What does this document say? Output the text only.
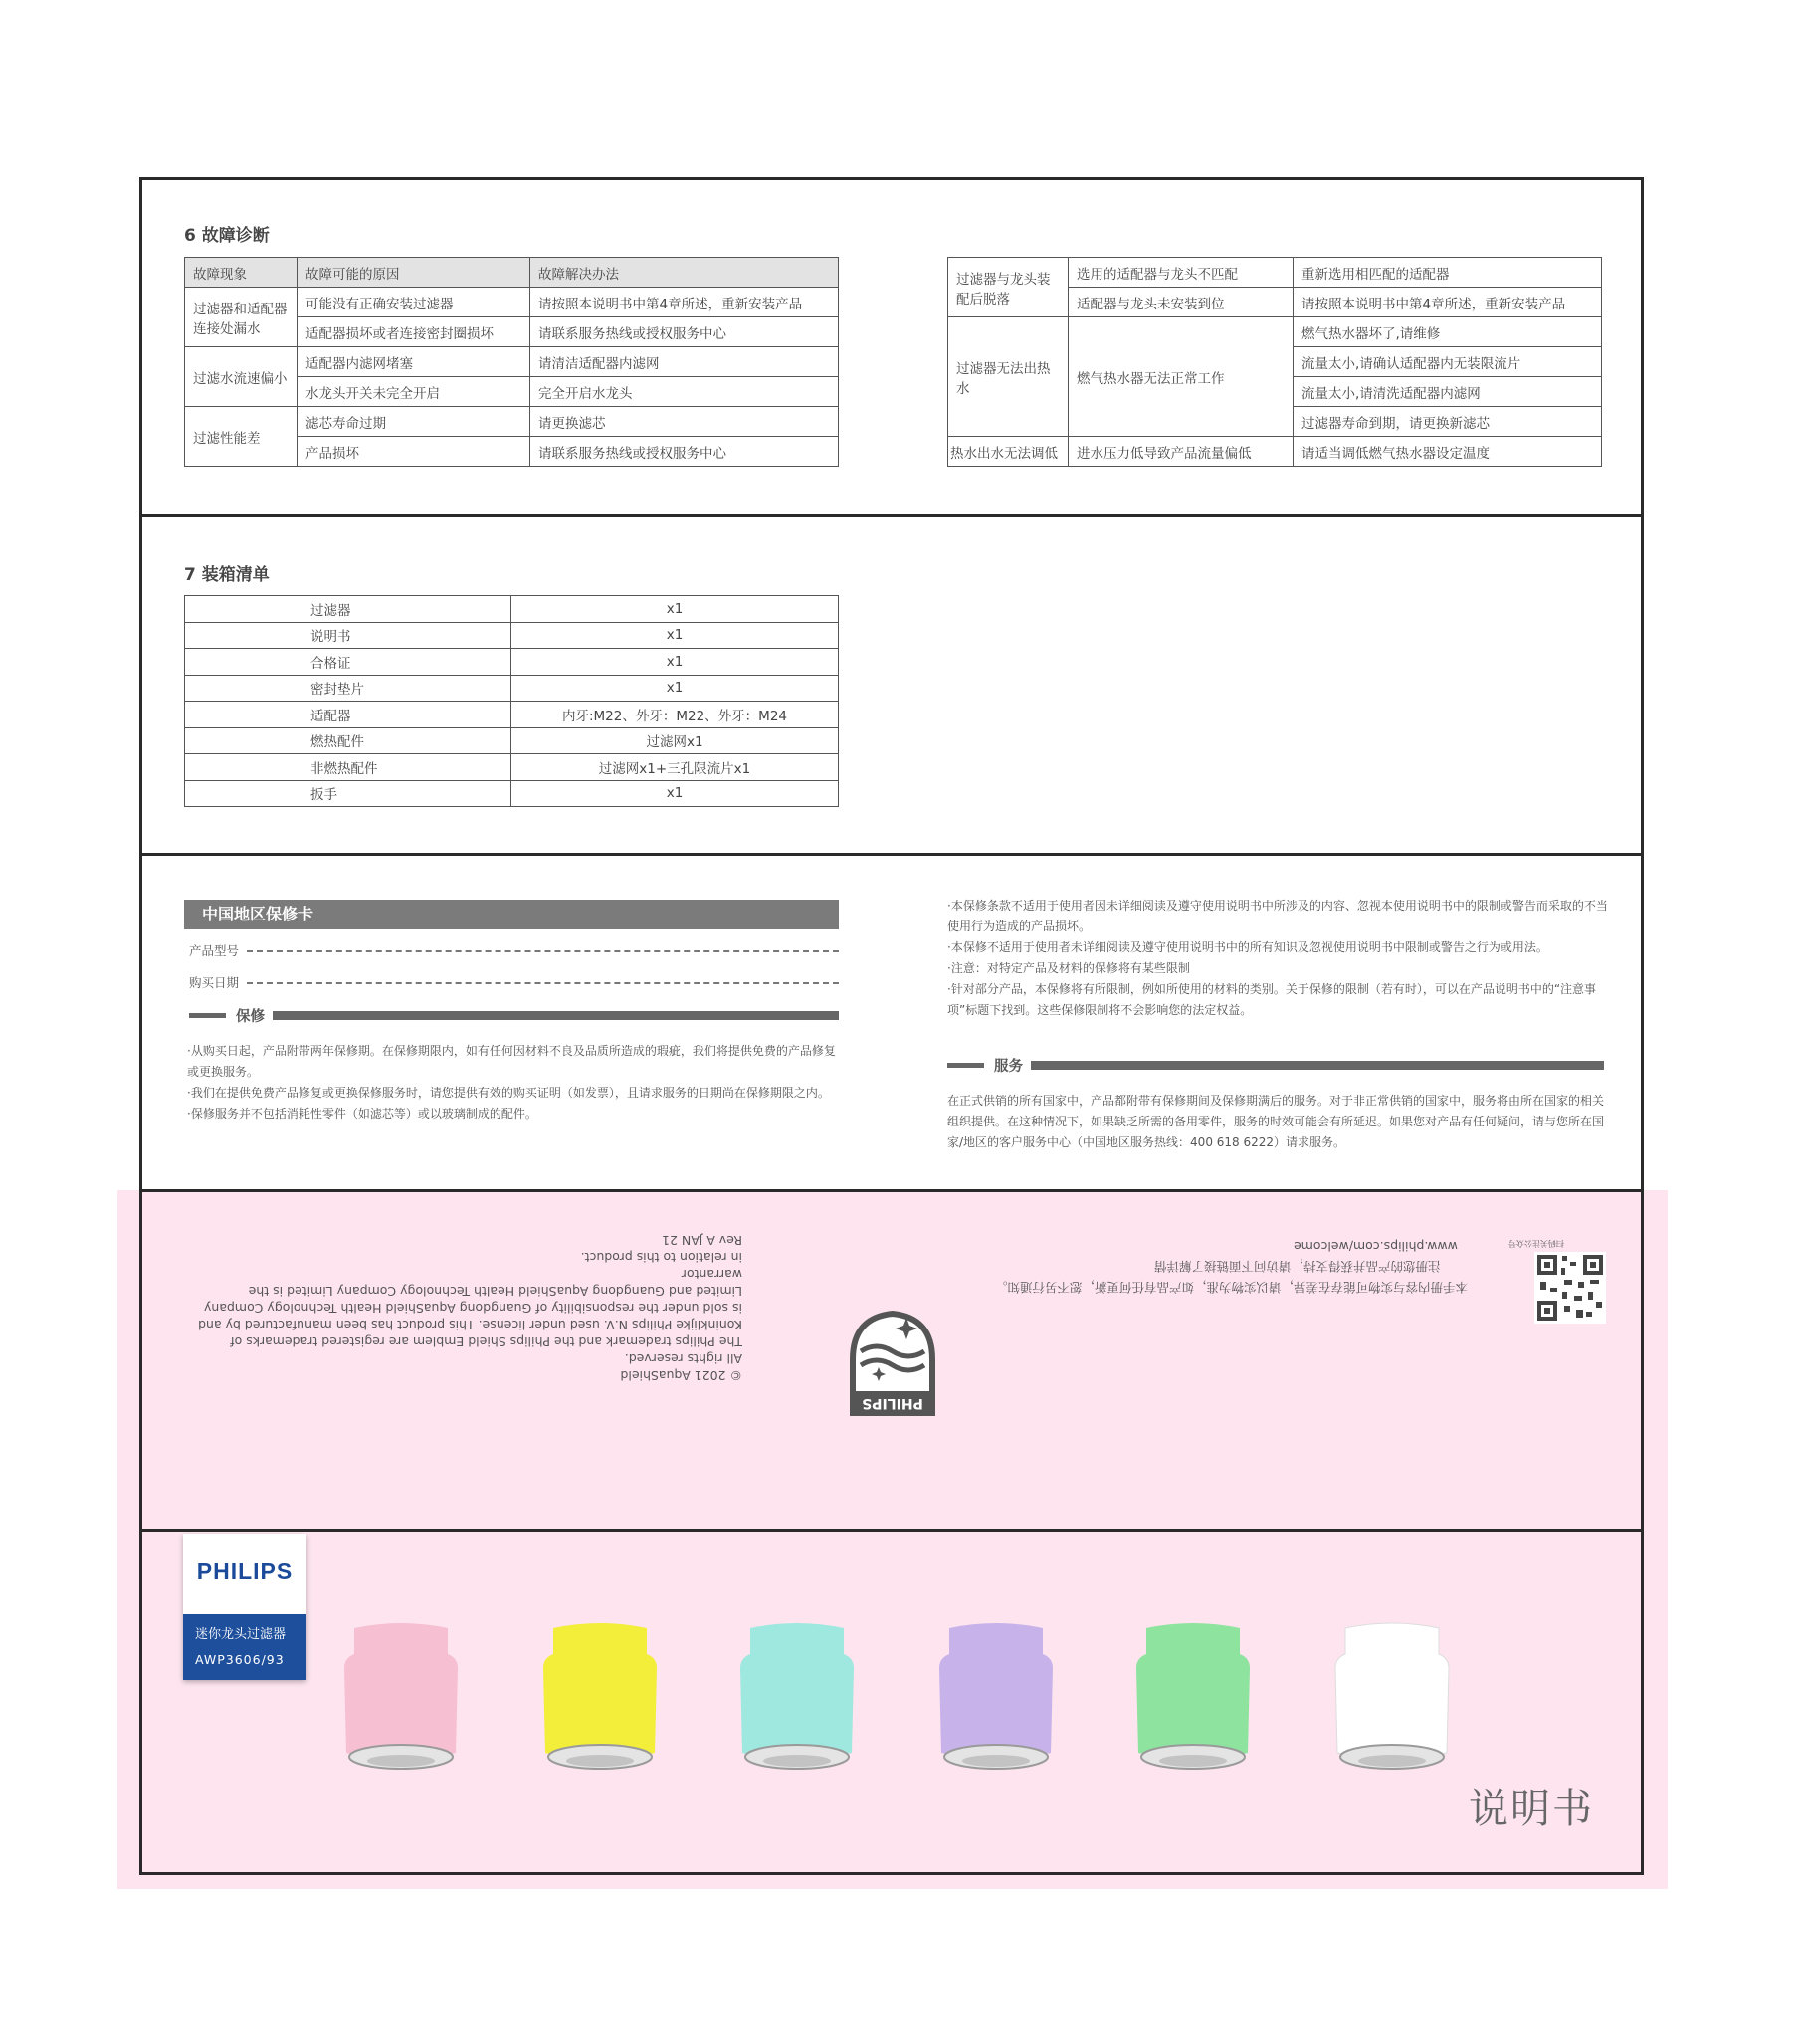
6 故障诊断
故障现象	故障可能的原因	故障解决办法
过滤器和适配器连接处漏水	可能没有正确安装过滤器	请按照本说明书中第4章所述，重新安装产品
	适配器损坏或者连接密封圈损坏	请联系服务热线或授权服务中心
过滤水流速偏小	适配器内滤网堵塞	请清洁适配器内滤网
	水龙头开关未完全开启	完全开启水龙头
过滤性能差	滤芯寿命过期	请更换滤芯
	产品损坏	请联系服务热线或授权服务中心
过滤器与龙头装配后脱落	选用的适配器与龙头不匹配	重新选用相匹配的适配器
	适配器与龙头未安装到位	请按照本说明书中第4章所述，重新安装产品
过滤器无法出热水	燃气热水器无法正常工作	燃气热水器坏了,请维修
		流量太小,请确认适配器内无装限流片
		流量太小,请清洗适配器内滤网
		过滤器寿命到期，请更换新滤芯
热水出水无法调低	进水压力低导致产品流量偏低	请适当调低燃气热水器设定温度
7 装箱清单
过滤器	x1
说明书	x1
合格证	x1
密封垫片	x1
适配器	内牙:M22、外牙：M22、外牙：M24
燃热配件	过滤网x1
非燃热配件	过滤网x1+三孔限流片x1
扳手	x1
中国地区保修卡
产品型号
购买日期
保修

·从购买日起，产品附带两年保修期。在保修期限内，如有任何因材料不良及品质所造成的瑕疵，我们将提供免费的产品修复或更换服务。

·我们在提供免费产品修复或更换保修服务时，请您提供有效的购买证明（如发票），且请求服务的日期尚在保修期限之内。

·保修服务并不包括消耗性零件（如滤芯等）或以玻璃制成的配件。

·本保修条款不适用于使用者因未详细阅读及遵守使用说明书中所涉及的内容、忽视本使用说明书中的限制或警告而采取的不当使用行为造成的产品损坏。

·本保修不适用于使用者未详细阅读及遵守使用说明书中的所有知识及忽视使用说明书中限制或警告之行为或用法。

·注意：对特定产品及材料的保修将有某些限制

·针对部分产品，本保修将有所限制，例如所使用的材料的类别。关于保修的限制（若有时），可以在产品说明书中的“注意事项”标题下找到。这些保修限制将不会影响您的法定权益。

服务

在正式供销的所有国家中，产品都附带有保修期间及保修期满后的服务。对于非正常供销的国家中，服务将由所在国家的相关组织提供。在这种情况下，如果缺乏所需的备用零件，服务的时效可能会有所延迟。如果您对产品有任何疑问，请与您所在国家/地区的客户服务中心（中国地区服务热线：400 618 6222）请求服务。

© 2021 AquaShield

All rights reserved.

The Philips trademark and the Philips Shield Emblem are registered trademarks of

Koninklijke Philips N.V. used under license. This product has been manufactured by and

is sold under the responsibility of Guangdong AquaShield Health Technology Company

Limited and Guangdong AquaShield Health Technology Company Limited is the warrantor

in relation to this product.

Rev A JAN 21

PHILIPS
扫码关注公众号
www.philips.com/welcome
注册您的产品并获得支持，请访问下面链接了解详情
本手册内容与实物可能存在差异，请以实物为准，如产品有任何更新，恕不另行通知。
PHILIPS
迷你龙头过滤器
AWP3606/93
说明书
